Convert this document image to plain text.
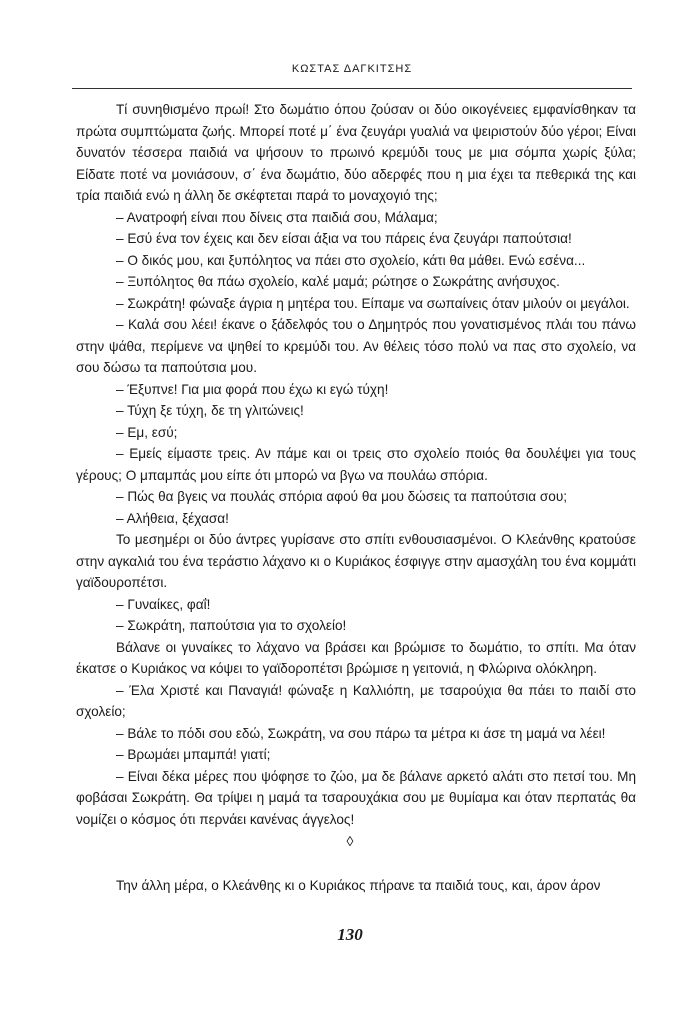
ΚΩΣΤΑΣ ΔΑΓΚΙΤΣΗΣ

Τί συνηθισμένο πρωί! Στο δωμάτιο όπου ζούσαν οι δύο οικογένειες εμφανίσθηκαν τα πρώτα συμπτώματα ζωής. Μπορεί ποτέ μ΄ ένα ζευγάρι γυαλιά να ψειριστούν δύο γέροι; Είναι δυνατόν τέσσερα παιδιά να ψήσουν το πρωινό κρεμύδι τους με μια σόμπα χωρίς ξύλα; Είδατε ποτέ να μονιάσουν, σ΄ ένα δωμάτιο, δύο αδερφές που η μια έχει τα πεθερικά της και τρία παιδιά ενώ η άλλη δε σκέφτεται παρά το μοναχογιό της;

– Ανατροφή είναι που δίνεις στα παιδιά σου, Μάλαμα;

– Εσύ ένα τον έχεις και δεν είσαι άξια να του πάρεις ένα ζευγάρι παπούτσια!

– Ο δικός μου, και ξυπόλητος να πάει στο σχολείο, κάτι θα μάθει. Ενώ εσένα...

– Ξυπόλητος θα πάω σχολείο, καλέ μαμά; ρώτησε ο Σωκράτης ανήσυχος.

– Σωκράτη! φώναξε άγρια η μητέρα του. Είπαμε να σωπαίνεις όταν μιλούν οι μεγάλοι.

– Καλά σου λέει! έκανε ο ξάδελφός του ο Δημητρός που γονατισμένος πλάι του πάνω στην ψάθα, περίμενε να ψηθεί το κρεμύδι του. Αν θέλεις τόσο πολύ να πας στο σχολείο, να σου δώσω τα παπούτσια μου.

– Έξυπνε! Για μια φορά που έχω κι εγώ τύχη!

– Τύχη ξε τύχη, δε τη γλιτώνεις!

– Εμ, εσύ;

– Εμείς είμαστε τρεις. Αν πάμε και οι τρεις στο σχολείο ποιός θα δουλέψει για τους γέρους; Ο μπαμπάς μου είπε ότι μπορώ να βγω να πουλάω σπόρια.

– Πώς θα βγεις να πουλάς σπόρια αφού θα μου δώσεις τα παπούτσια σου;

– Αλήθεια, ξέχασα!

Το μεσημέρι οι δύο άντρες γυρίσανε στο σπίτι ενθουσιασμένοι. Ο Κλεάνθης κρατούσε στην αγκαλιά του ένα τεράστιο λάχανο κι ο Κυριάκος έσφιγγε στην αμασχάλη του ένα κομμάτι γαϊδουροπέτσι.

– Γυναίκες, φαΐ!

– Σωκράτη, παπούτσια για το σχολείο!

Βάλανε οι γυναίκες το λάχανο να βράσει και βρώμισε το δωμάτιο, το σπίτι. Μα όταν έκατσε ο Κυριάκος να κόψει το γαϊδοροπέτσι βρώμισε η γειτονιά, η Φλώρινα ολόκληρη.

– Έλα Χριστέ και Παναγιά! φώναξε η Καλλιόπη, με τσαρούχια θα πάει το παιδί στο σχολείο;

– Βάλε το πόδι σου εδώ, Σωκράτη, να σου πάρω τα μέτρα κι άσε τη μαμά να λέει!

– Βρωμάει μπαμπά! γιατί;

– Είναι δέκα μέρες που ψόφησε το ζώο, μα δε βάλανε αρκετό αλάτι στο πετσί του. Μη φοβάσαι Σωκράτη. Θα τρίψει η μαμά τα τσαρουχάκια σου με θυμίαμα και όταν περπατάς θα νομίζει ο κόσμος ότι περνάει κανένας άγγελος!

◊
Την άλλη μέρα, ο Κλεάνθης κι ο Κυριάκος πήρανε τα παιδιά τους, και, άρον άρον
130
